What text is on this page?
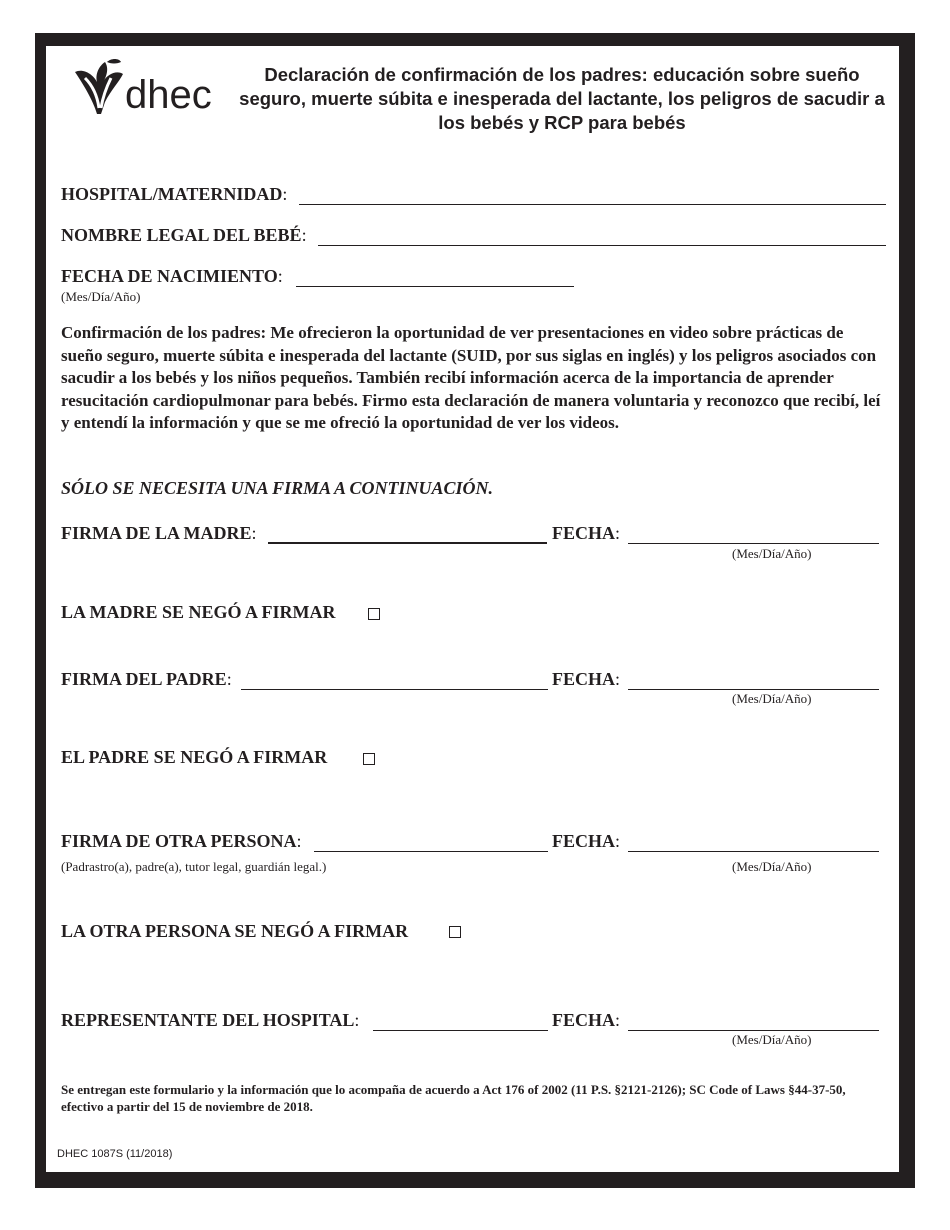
dhec	Declaración de confirmación de los padres: educación sobre sueño seguro, muerte súbita e inesperada del lactante, los peligros de sacudir a los bebés y RCP para bebés
HOSPITAL/MATERNIDAD:
NOMBRE LEGAL DEL BEBÉ:
FECHA DE NACIMIENTO:
(Mes/Día/Año)
Confirmación de los padres: Me ofrecieron la oportunidad de ver presentaciones en video sobre prácticas de sueño seguro, muerte súbita e inesperada del lactante (SUID, por sus siglas en inglés) y los peligros asociados con sacudir a los bebés y los niños pequeños. También recibí información acerca de la importancia de aprender resucitación cardiopulmonar para bebés. Firmo esta declaración de manera voluntaria y reconozco que recibí, leí y entendí la información y que se me ofreció la oportunidad de ver los videos.
SÓLO SE NECESITA UNA FIRMA A CONTINUACIÓN.
FIRMA DE LA MADRE:	FECHA:
(Mes/Día/Año)
LA MADRE SE NEGÓ A FIRMAR
FIRMA DEL PADRE:	FECHA:
(Mes/Día/Año)
EL PADRE SE NEGÓ A FIRMAR
FIRMA DE OTRA PERSONA:	FECHA:
(Padrastro(a), padre(a), tutor legal, guardián legal.)	(Mes/Día/Año)
LA OTRA PERSONA SE NEGÓ A FIRMAR
REPRESENTANTE DEL HOSPITAL:	FECHA:
(Mes/Día/Año)
Se entregan este formulario y la información que lo acompaña de acuerdo a Act 176 of 2002 (11 P.S. §2121-2126); SC Code of Laws §44-37-50, efectivo a partir del 15 de noviembre de 2018.
DHEC 1087S (11/2018)
